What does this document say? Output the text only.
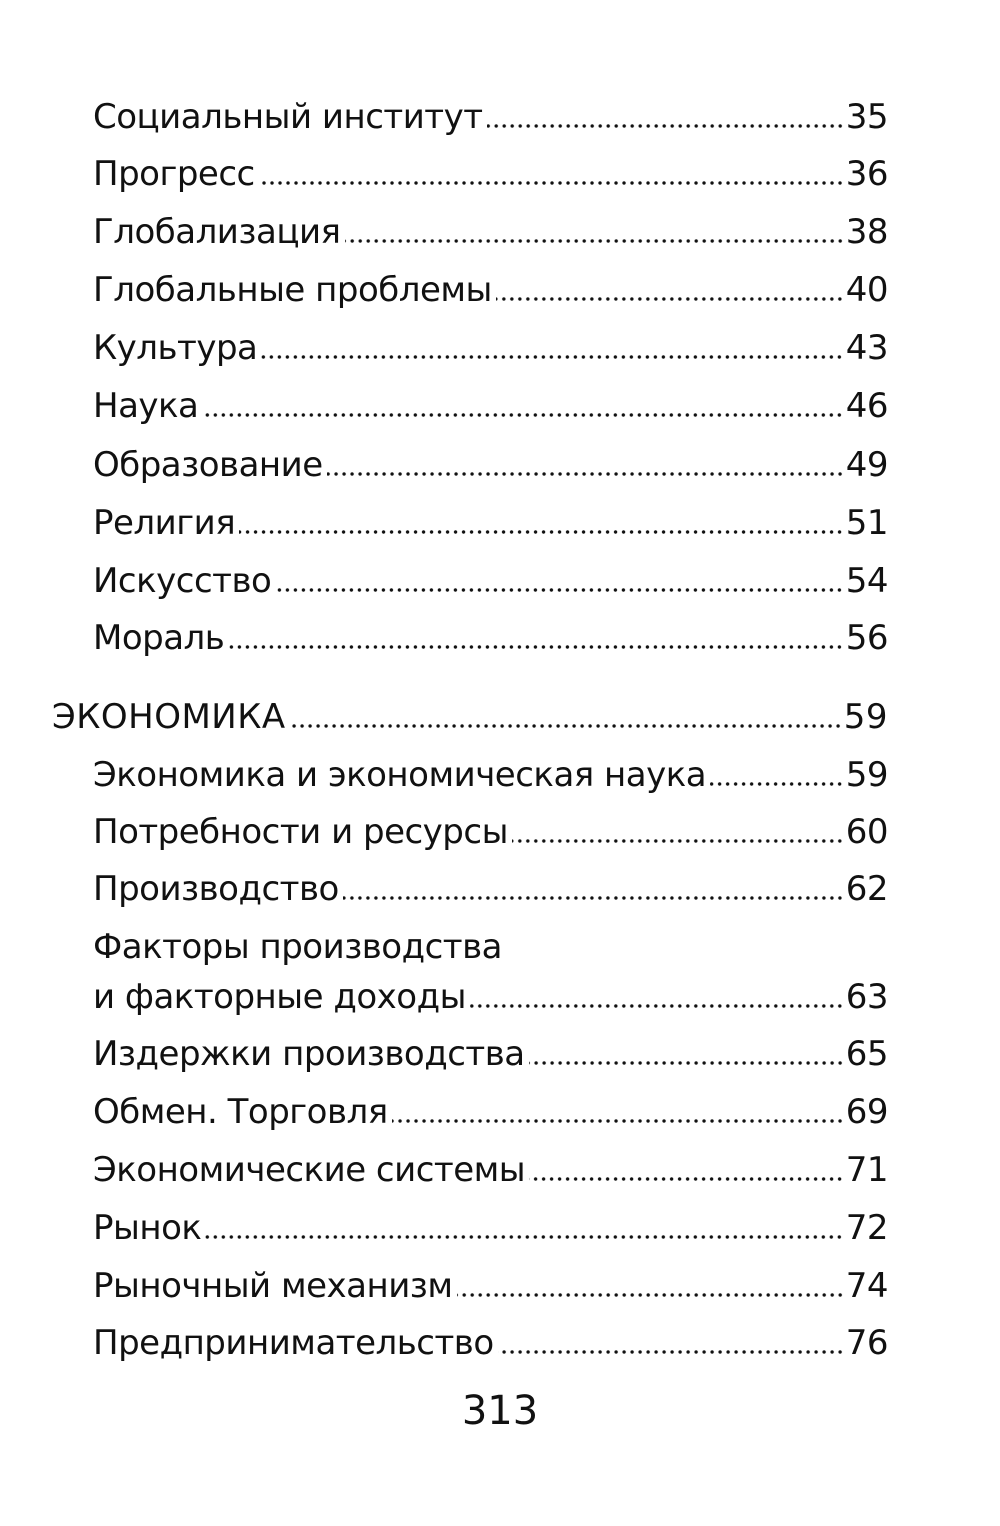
Социальный институт	35
Прогресс	36
Глобализация	38
Глобальные проблемы	40
Культура	43
Наука	46
Образование	49
Религия	51
Искусство	54
Мораль	56
ЭКОНОМИКА	59
Экономика и экономическая наука	59
Потребности и ресурсы	60
Производство	62
Факторы производства
и факторные доходы	63
Издержки производства	65
Обмен. Торговля	69
Экономические системы	71
Рынок	72
Рыночный механизм	74
Предпринимательство	76
313
